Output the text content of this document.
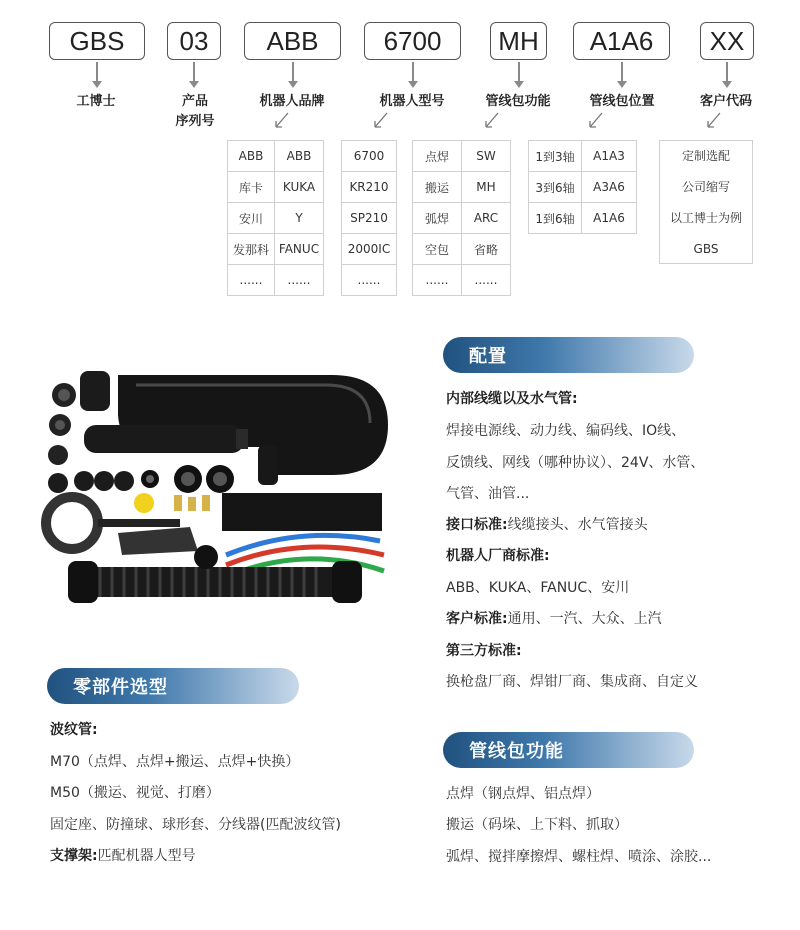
GBS	03	ABB	6700	MH	A1A6	XX
工博士	产品
序列号
机器人品牌	机器人型号	管线包功能	管线包位置	客户代码
ABB	ABB
库卡	KUKA
安川	Y
发那科	FANUC
......	......
6700
KR210
SP210
2000IC
......
点焊	SW
搬运	MH
弧焊	ARC
空包	省略
......	......
1到3轴	A1A3
3到6轴	A3A6
1到6轴	A1A6
定制选配
公司缩写
以工博士为例
GBS
配置
内部线缆以及水气管:
焊接电源线、动力线、编码线、IO线、
反馈线、网线（哪种协议）、24V、水管、
气管、油管...
接口标准:线缆接头、水气管接头
机器人厂商标准:
ABB、KUKA、FANUC、安川
客户标准:通用、一汽、大众、上汽
第三方标准:
换枪盘厂商、焊钳厂商、集成商、自定义
零部件选型
波纹管:
M70（点焊、点焊+搬运、点焊+快换）
M50（搬运、视觉、打磨）
固定座、防撞球、球形套、分线器(匹配波纹管)
支撑架:匹配机器人型号
管线包功能
点焊（钢点焊、铝点焊）
搬运（码垛、上下料、抓取）
弧焊、搅拌摩擦焊、螺柱焊、喷涂、涂胶...
